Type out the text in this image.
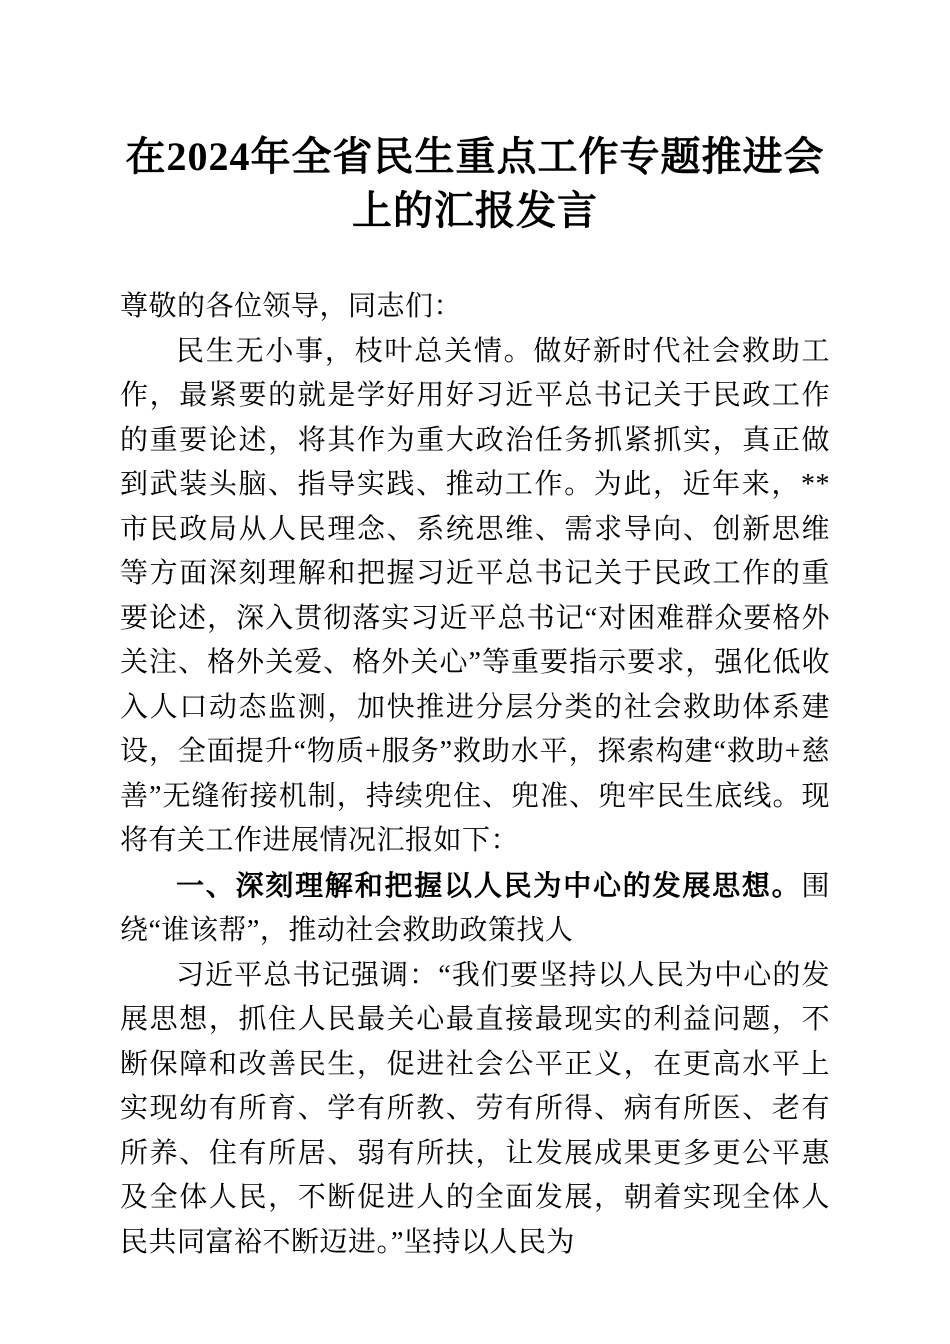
在2024年全省民生重点工作专题推进会上的汇报发言

尊敬的各位领导，同志们：

民生无小事，枝叶总关情。做好新时代社会救助工作，最紧要的就是学好用好习近平总书记关于民政工作的重要论述，将其作为重大政治任务抓紧抓实，真正做到武装头脑、指导实践、推动工作。为此，近年来，**市民政局从人民理念、系统思维、需求导向、创新思维等方面深刻理解和把握习近平总书记关于民政工作的重要论述，深入贯彻落实习近平总书记“对困难群众要格外关注、格外关爱、格外关心”等重要指示要求，强化低收入人口动态监测，加快推进分层分类的社会救助体系建设，全面提升“物质+服务”救助水平，探索构建“救助+慈善”无缝衔接机制，持续兜住、兜准、兜牢民生底线。现将有关工作进展情况汇报如下：

一、深刻理解和把握以人民为中心的发展思想。围绕“谁该帮”，推动社会救助政策找人

习近平总书记强调：“我们要坚持以人民为中心的发展思想，抓住人民最关心最直接最现实的利益问题，不断保障和改善民生，促进社会公平正义，在更高水平上实现幼有所育、学有所教、劳有所得、病有所医、老有所养、住有所居、弱有所扶，让发展成果更多更公平惠及全体人民，不断促进人的全面发展，朝着实现全体人民共同富裕不断迈进。”坚持以人民为
